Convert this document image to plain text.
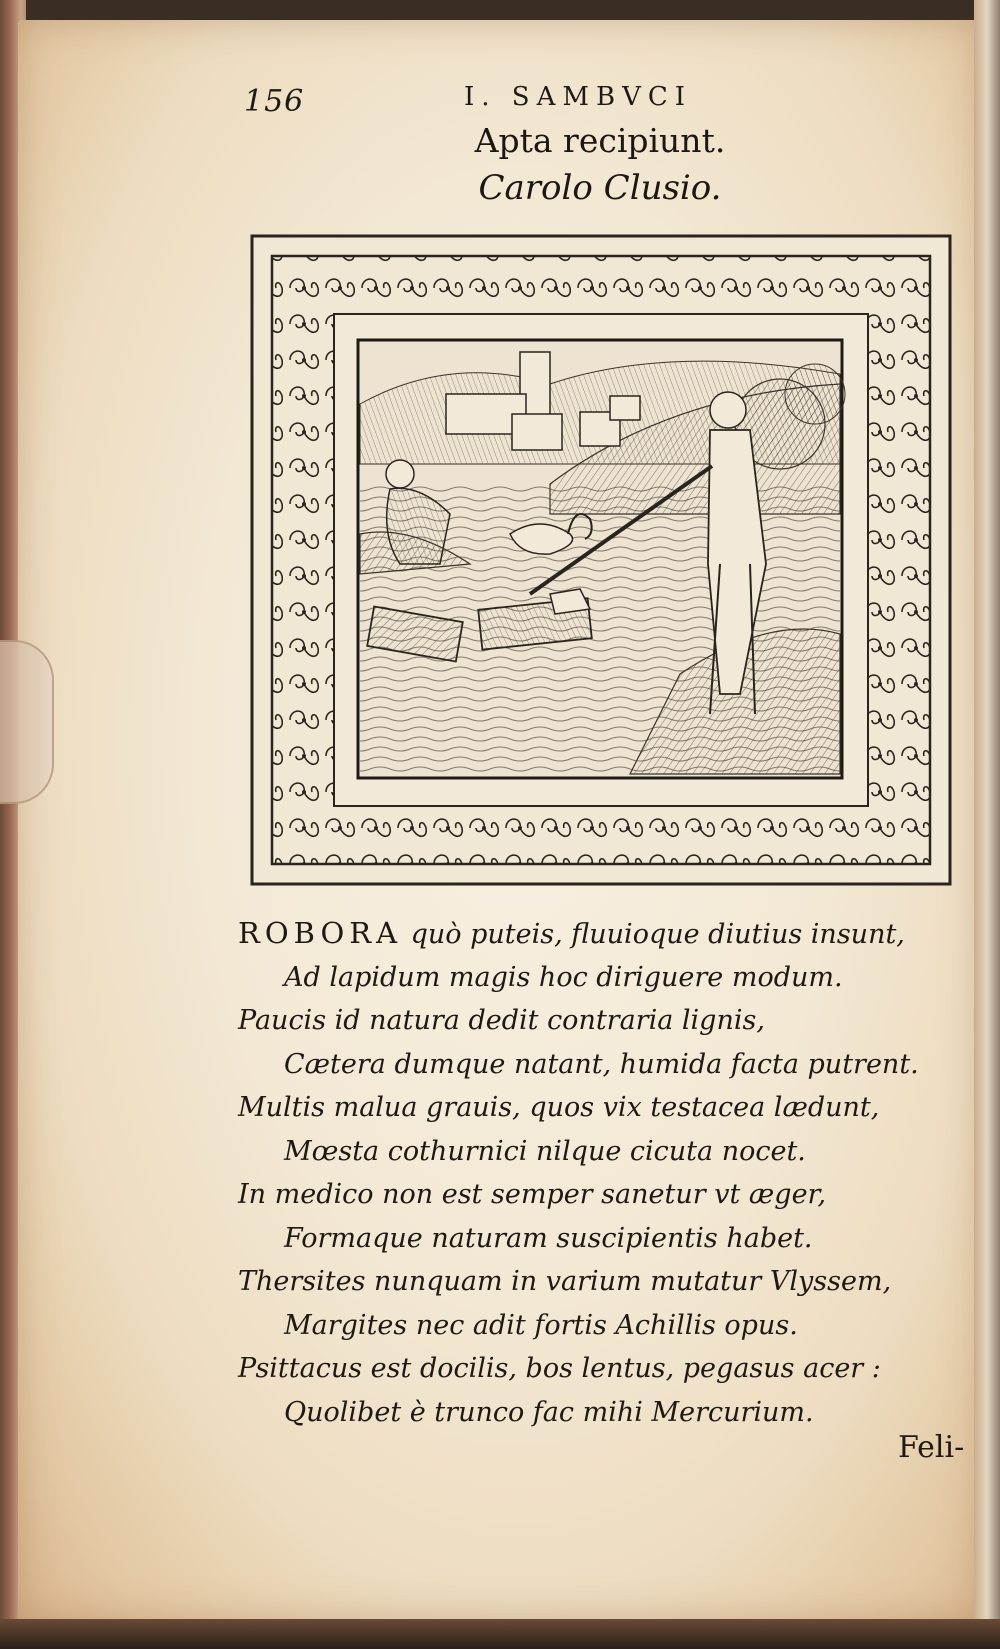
156	I. SAMBVCI
Apta recipiunt.
Carolo Clusio.
ROBORA quò puteis, fluuioque diutius insunt,
Ad lapidum magis hoc diriguere modum.
Paucis id natura dedit contraria lignis,
Cætera dumque natant, humida facta putrent.
Multis malua grauis, quos vix testacea lædunt,
Mœsta cothurnici nilque cicuta nocet.
In medico non est semper sanetur vt æger,
Formaque naturam suscipientis habet.
Thersites nunquam in varium mutatur Vlyssem,
Margites nec adit fortis Achillis opus.
Psittacus est docilis, bos lentus, pegasus acer :
Quolibet è trunco fac mihi Mercurium.
Feli-
